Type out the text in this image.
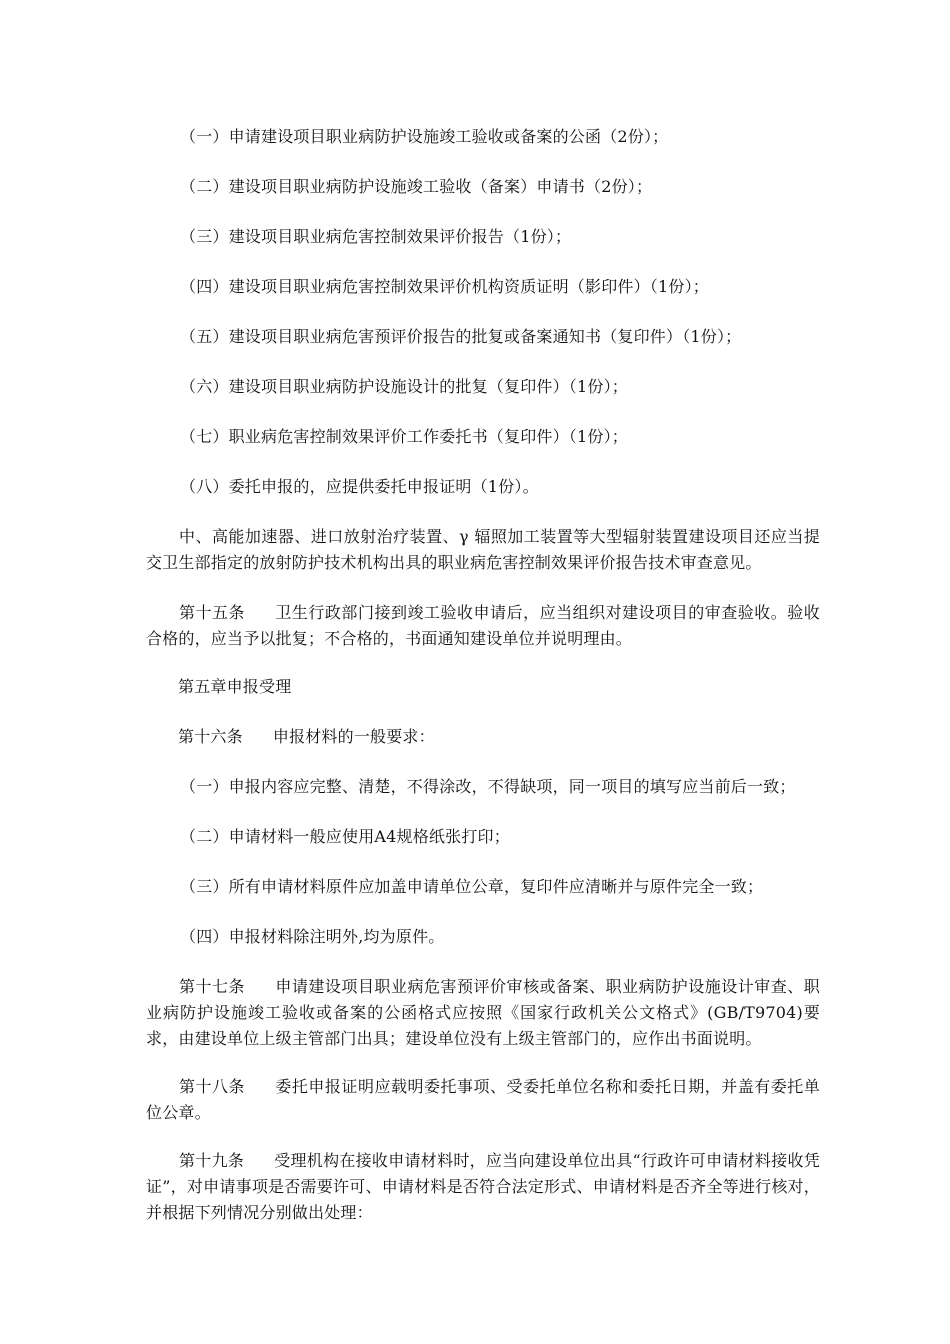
（一）申请建设项目职业病防护设施竣工验收或备案的公函（2份）；
（二）建设项目职业病防护设施竣工验收（备案）申请书（2份）；
（三）建设项目职业病危害控制效果评价报告（1份）；
（四）建设项目职业病危害控制效果评价机构资质证明（影印件）（1份）；
（五）建设项目职业病危害预评价报告的批复或备案通知书（复印件）（1份）；
（六）建设项目职业病防护设施设计的批复（复印件）（1份）；
（七）职业病危害控制效果评价工作委托书（复印件）（1份）；
（八）委托申报的，应提供委托申报证明（1份）。
中、高能加速器、进口放射治疗装置、γ 辐照加工装置等大型辐射装置建设项目还应当提交卫生部指定的放射防护技术机构出具的职业病危害控制效果评价报告技术审查意见。
第十五条 卫生行政部门接到竣工验收申请后，应当组织对建设项目的审查验收。验收合格的，应当予以批复；不合格的，书面通知建设单位并说明理由。
第五章申报受理
第十六条 申报材料的一般要求：
（一）申报内容应完整、清楚，不得涂改，不得缺项，同一项目的填写应当前后一致；
（二）申请材料一般应使用A4规格纸张打印；
（三）所有申请材料原件应加盖申请单位公章，复印件应清晰并与原件完全一致；
（四）申报材料除注明外,均为原件。
第十七条 申请建设项目职业病危害预评价审核或备案、职业病防护设施设计审查、职业病防护设施竣工验收或备案的公函格式应按照《国家行政机关公文格式》(GB/T9704)要求，由建设单位上级主管部门出具；建设单位没有上级主管部门的，应作出书面说明。
第十八条 委托申报证明应载明委托事项、受委托单位名称和委托日期，并盖有委托单位公章。
第十九条 受理机构在接收申请材料时，应当向建设单位出具“行政许可申请材料接收凭证”，对申请事项是否需要许可、申请材料是否符合法定形式、申请材料是否齐全等进行核对，并根据下列情况分别做出处理：
